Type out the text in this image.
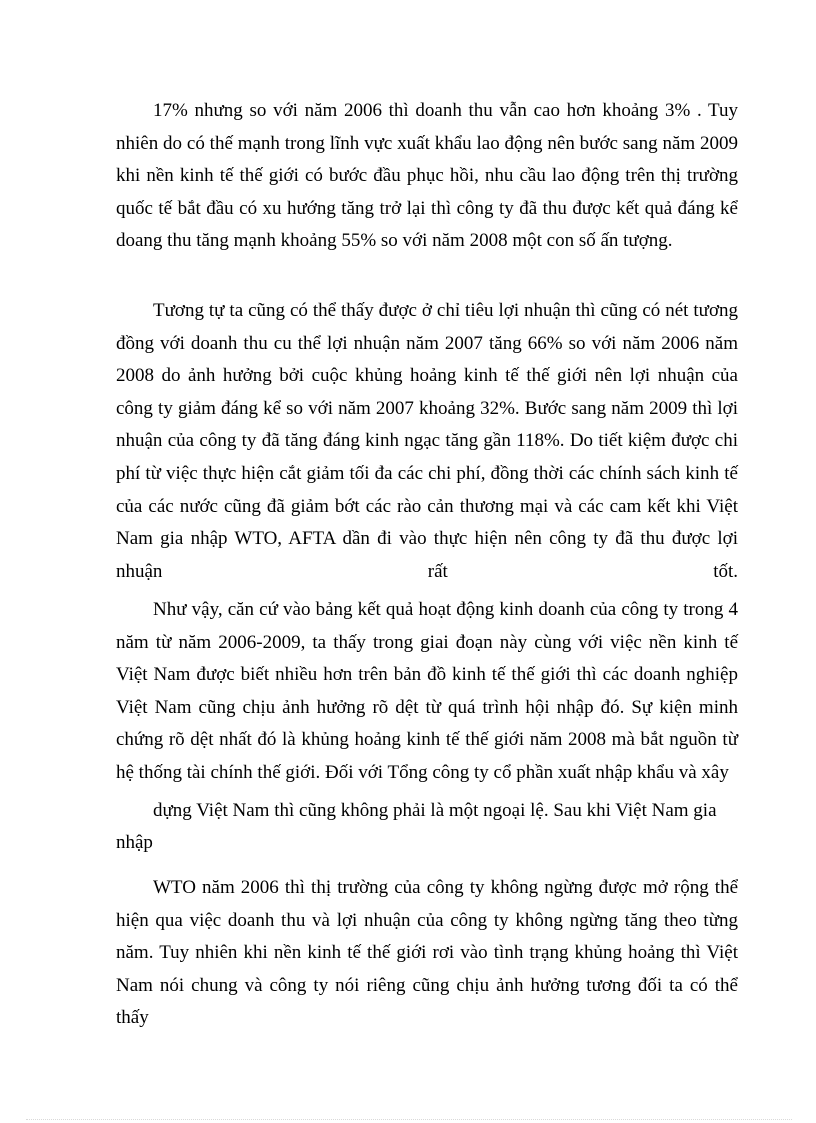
17% nhưng so với năm 2006 thì doanh thu vẫn cao hơn khoảng 3% . Tuy nhiên do có thế mạnh trong lĩnh vực xuất khẩu lao động nên bước sang năm 2009 khi nền kinh tế thế giới có bước đầu phục hồi, nhu cầu lao động trên thị trường quốc tế bắt đầu có xu hướng tăng trở lại thì công ty đã thu được kết quả đáng kể doang thu tăng mạnh khoảng 55% so với năm 2008 một con số ấn tượng.

Tương tự ta cũng có thể thấy được ở chỉ tiêu lợi nhuận thì cũng có nét tương đồng với doanh thu cu thể lợi nhuận năm 2007 tăng 66% so với năm 2006 năm 2008 do ảnh hưởng bởi cuộc khủng hoảng kinh tế thế giới nên lợi nhuận của công ty giảm đáng kể so với năm 2007 khoảng 32%. Bước sang năm 2009 thì lợi nhuận của công ty đã tăng đáng kinh ngạc tăng gần 118%. Do tiết kiệm được chi phí từ việc thực hiện cắt giảm tối đa các chi phí, đồng thời các chính sách kinh tế của các nước cũng đã giảm bớt các rào cản thương mại và các cam kết khi Việt Nam gia nhập WTO, AFTA dần đi vào thực hiện nên công ty đã thu được lợi nhuận rất tốt.

Như vậy, căn cứ vào bảng kết quả hoạt động kinh doanh của công ty trong 4 năm từ năm 2006-2009, ta thấy trong giai đoạn này cùng với việc nền kinh tế Việt Nam được biết nhiều hơn trên bản đồ kinh tế thế giới thì các doanh nghiệp Việt Nam cũng chịu ảnh hưởng rõ dệt từ quá trình hội nhập đó. Sự kiện minh chứng rõ dệt nhất đó là khủng hoảng kinh tế thế giới năm 2008 mà bắt nguồn từ hệ thống tài chính thế giới. Đối với Tổng công ty cổ phần xuất nhập khẩu và xây

dựng Việt Nam thì cũng không phải là một ngoại lệ. Sau khi Việt Nam gia

nhập

WTO năm 2006 thì thị trường của công ty không ngừng được mở rộng thể hiện qua việc doanh thu và lợi nhuận của công ty không ngừng tăng theo từng năm. Tuy nhiên khi nền kinh tế thế giới rơi vào tình trạng khủng hoảng thì Việt Nam nói chung và công ty nói riêng cũng chịu ảnh hưởng tương đối ta có thể thấy
